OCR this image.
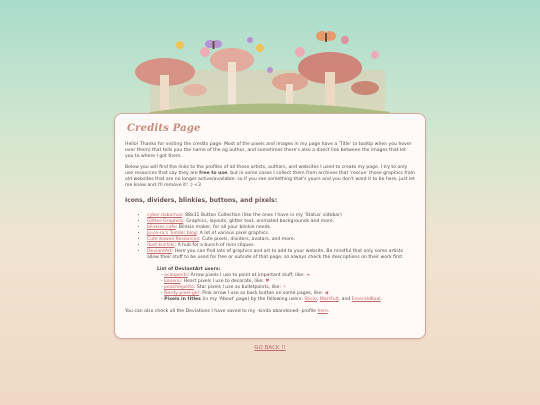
Credits Page

Hello! Thanks for visiting the credits page. Most of the pixels and images in my page have a 'Title' (a tooltip when you hover over them) that tells you the name of the og author, and sometimes there's also a direct link between the images that let you to where I got them.

Below you will find the links to the profiles of all those artists, authors, and websites I used to create my page. I try to only use resources that say they are free to use, but in some cases I collect them from archives that 'rescue' those graphics from old websites that are no longer active/available; so if you see something that's yours and you don't want it to be here, just let me know and I'll remove it! :) <3

Icons, dividers, blinkies, buttons, and pixels:
• cyber.dabamos: 88x31 Button Collection (like the ones I have in my 'Status' sidebar)
• Glitter-Graphics: Graphics, layouts, glitter text, animated backgrounds and more.
• blinkies.cafe: Blinkie maker, for all your blinkie needs.
• Jo-ce-ra's Tumblr blog: A lot of various pixel graphics.
• Cute Kawaii Resources: Cute pixels, dividers, avatars, and more.
• dust kuchiki: A hub for a bunch of mini cliques.
• DeviantArt: Here you can find lots of graphics and art to add to your website. Be mindful that only some artists allow their stuff to be used for free or outside of that page, so always check the descriptions on their work first.
List of DeviantArt users:
- acaupechi: Arrow pixels I use to point at important stuff, like: ➜
- kouenii: Heart pixels I use to decorate, like: ♥
- peachiepeito: Star pixels I use as bulletpoints, like: ✧
- Nerdy-pixel-girl: Pink arrow I use as back button on some pages, like: ◀
- Pixels in titles (in my 'About' page) by the following users: Sticio, MartFult, and EmeraldKoal.

You can also check all the Deviations I have saved to my -kinda abandoned- profile here.

GO BACK !!
